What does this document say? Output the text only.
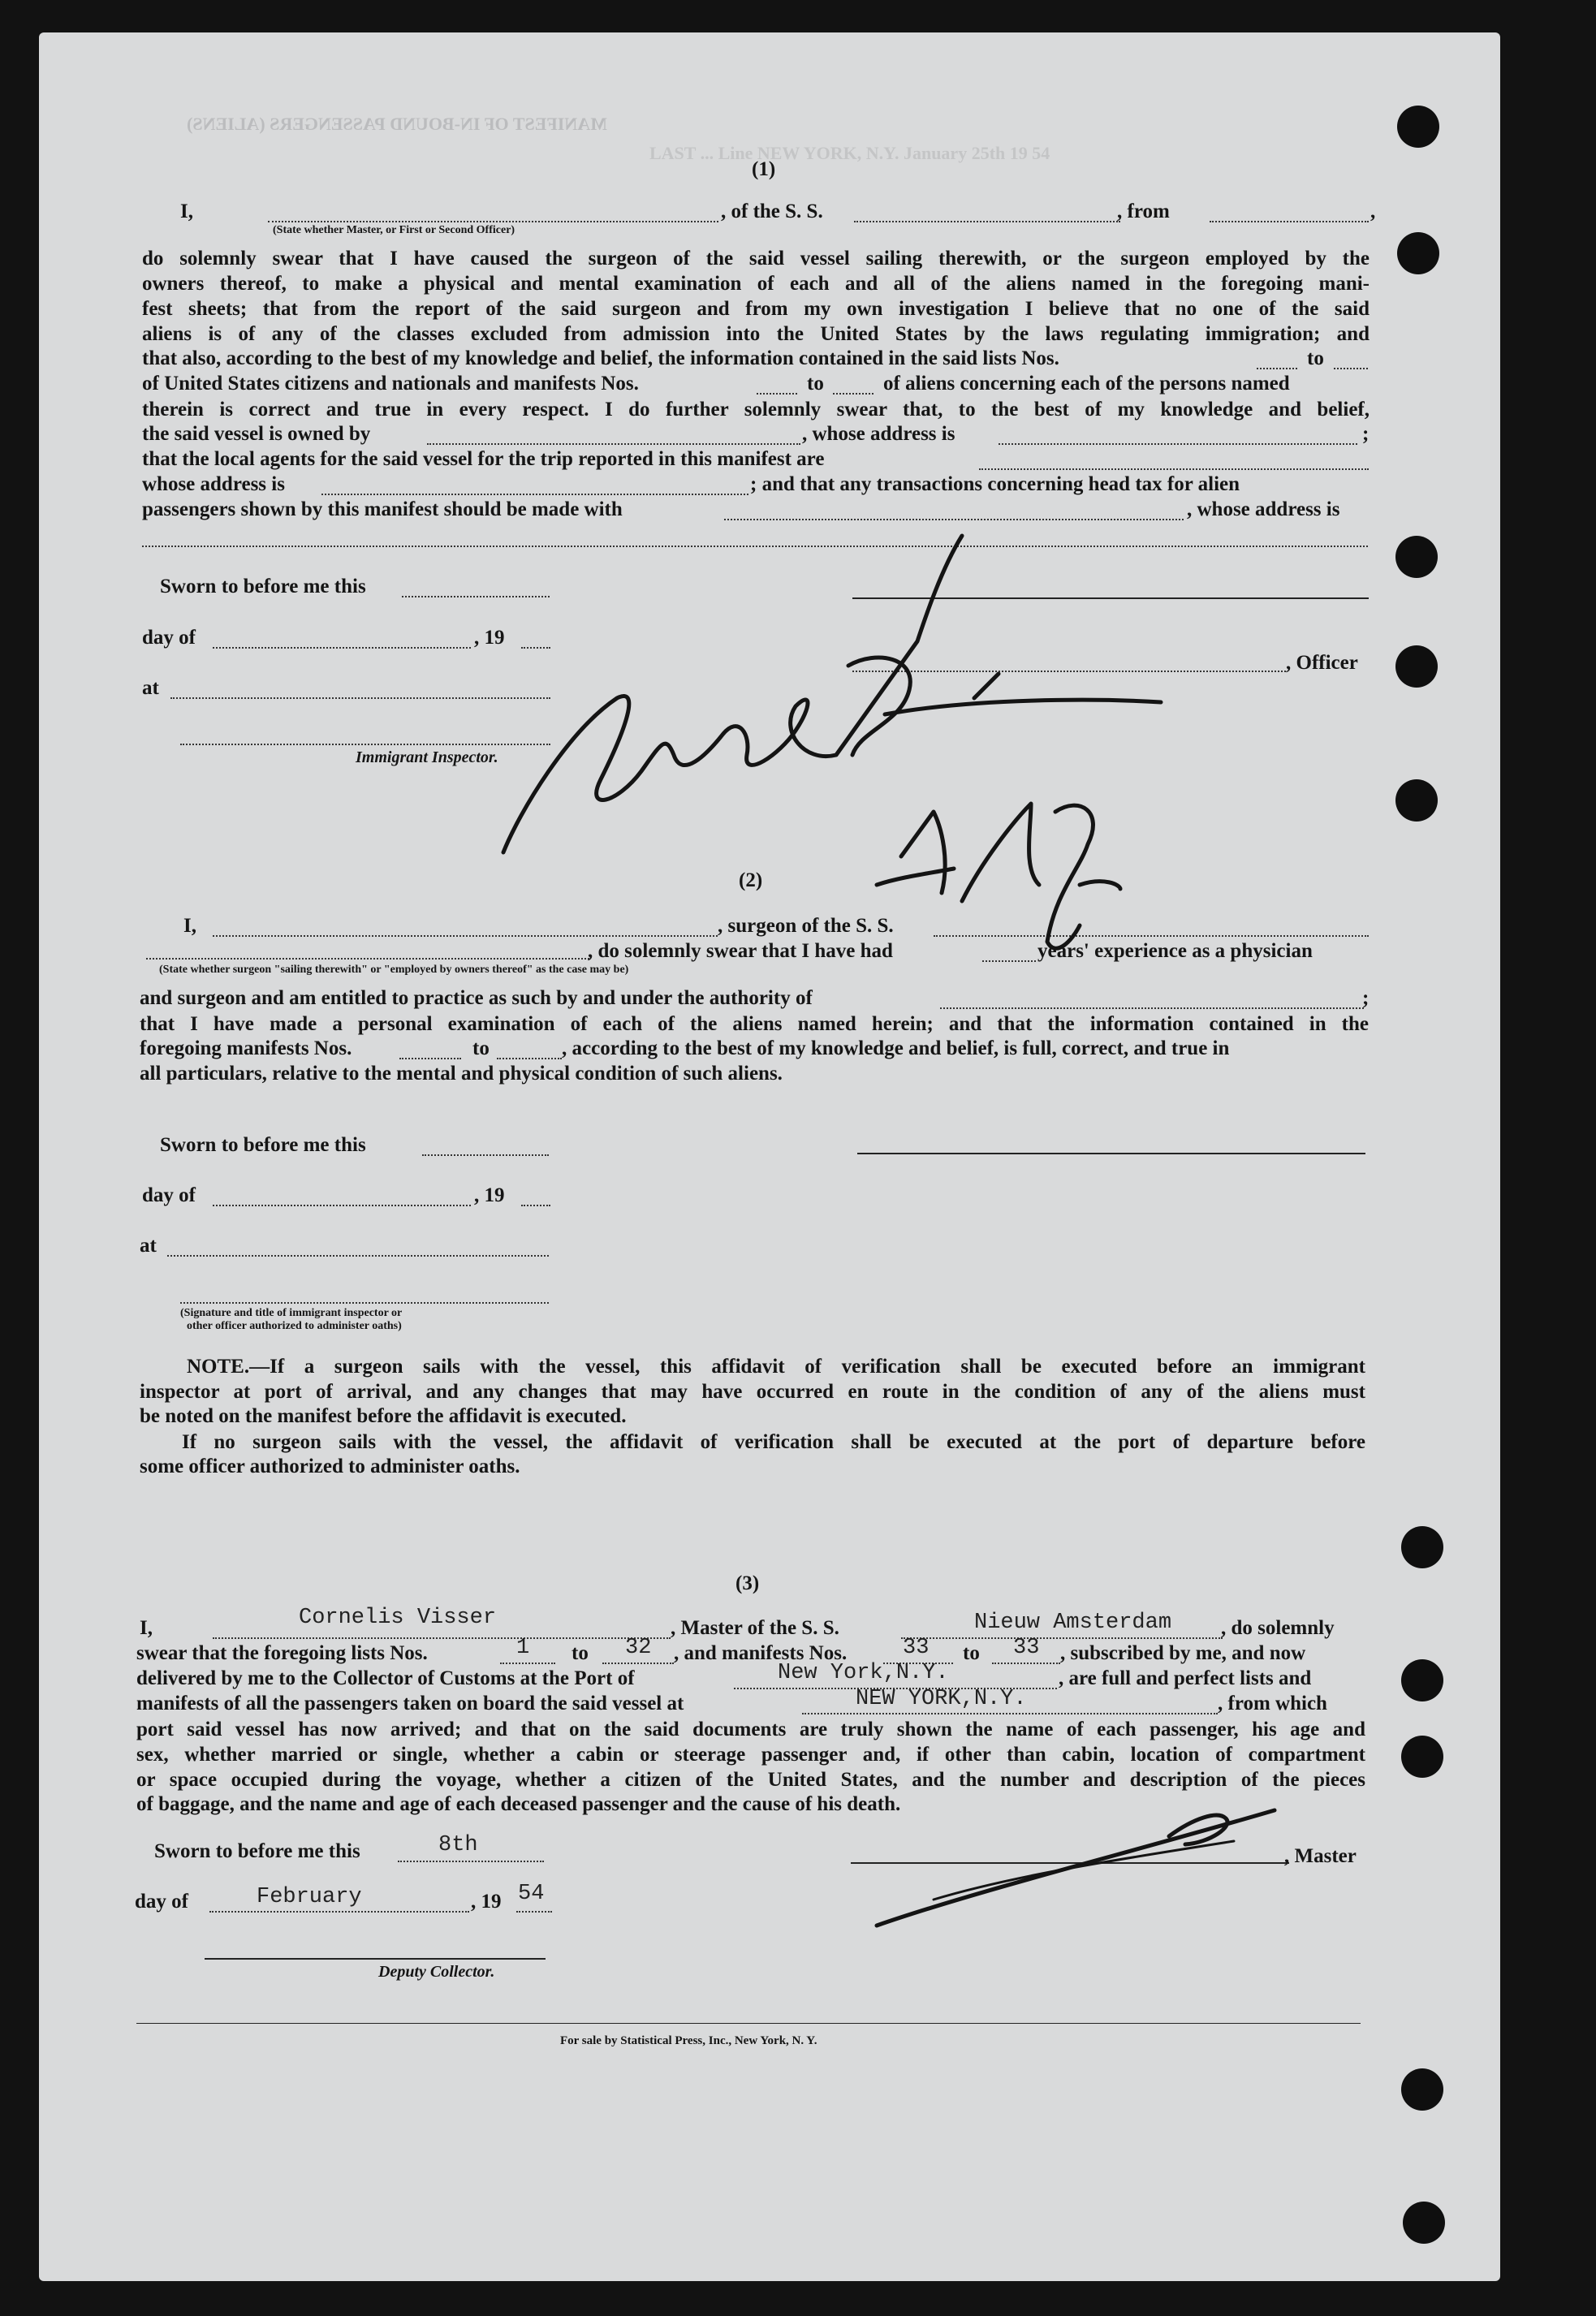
MANIFEST OF IN-BOUND PASSENGERS (ALIENS)
LAST ... Line NEW YORK, N.Y. January 25th 19 54
(1)
I,	, of the S. S.	, from	,
(State whether Master, or First or Second Officer)
do solemnly swear that I have caused the surgeon of the said vessel sailing therewith, or the surgeon employed by the
owners thereof, to make a physical and mental examination of each and all of the aliens named in the foregoing mani-
fest sheets; that from the report of the said surgeon and from my own investigation I believe that no one of the said
aliens is of any of the classes excluded from admission into the United States by the laws regulating immigration; and
that also, according to the best of my knowledge and belief, the information contained in the said lists Nos.	to
of United States citizens and nationals and manifests Nos.	to	of aliens concerning each of the persons named
therein is correct and true in every respect. I do further solemnly swear that, to the best of my knowledge and belief,
the said vessel is owned by	, whose address is	;
that the local agents for the said vessel for the trip reported in this manifest are
whose address is	; and that any transactions concerning head tax for alien
passengers shown by this manifest should be made with	, whose address is
Sworn to before me this
day of	, 19
, Officer
at
Immigrant Inspector.
(2)
I,	, surgeon of the S. S.
, do solemnly swear that I have had	years' experience as a physician
(State whether surgeon "sailing therewith" or "employed by owners thereof" as the case may be)
and surgeon and am entitled to practice as such by and under the authority of	;
that I have made a personal examination of each of the aliens named herein; and that the information contained in the
foregoing manifests Nos.	to	, according to the best of my knowledge and belief, is full, correct, and true in
all particulars, relative to the mental and physical condition of such aliens.
Sworn to before me this
day of	, 19
at
(Signature and title of immigrant inspector or
other officer authorized to administer oaths)
NOTE.—If a surgeon sails with the vessel, this affidavit of verification shall be executed before an immigrant
inspector at port of arrival, and any changes that may have occurred en route in the condition of any of the aliens must
be noted on the manifest before the affidavit is executed.
If no surgeon sails with the vessel, the affidavit of verification shall be executed at the port of departure before
some officer authorized to administer oaths.
(3)
I,	Cornelis Visser	, Master of the S. S.	Nieuw Amsterdam , do solemnly
swear that the foregoing lists Nos.	1 to 32 , and manifests Nos.	33 to 33 , subscribed by me, and now
delivered by me to the Collector of Customs at the Port of	New York,N.Y.	, are full and perfect lists and
manifests of all the passengers taken on board the said vessel at	NEW YORK,N.Y.	, from which
port said vessel has now arrived; and that on the said documents are truly shown the name of each passenger, his age and
sex, whether married or single, whether a cabin or steerage passenger and, if other than cabin, location of compartment
or space occupied during the voyage, whether a citizen of the United States, and the number and description of the pieces
of baggage, and the name and age of each deceased passenger and the cause of his death.
Sworn to before me this	8th	, Master
day of	February	, 19 54
Deputy Collector.
For sale by Statistical Press, Inc., New York, N. Y.
